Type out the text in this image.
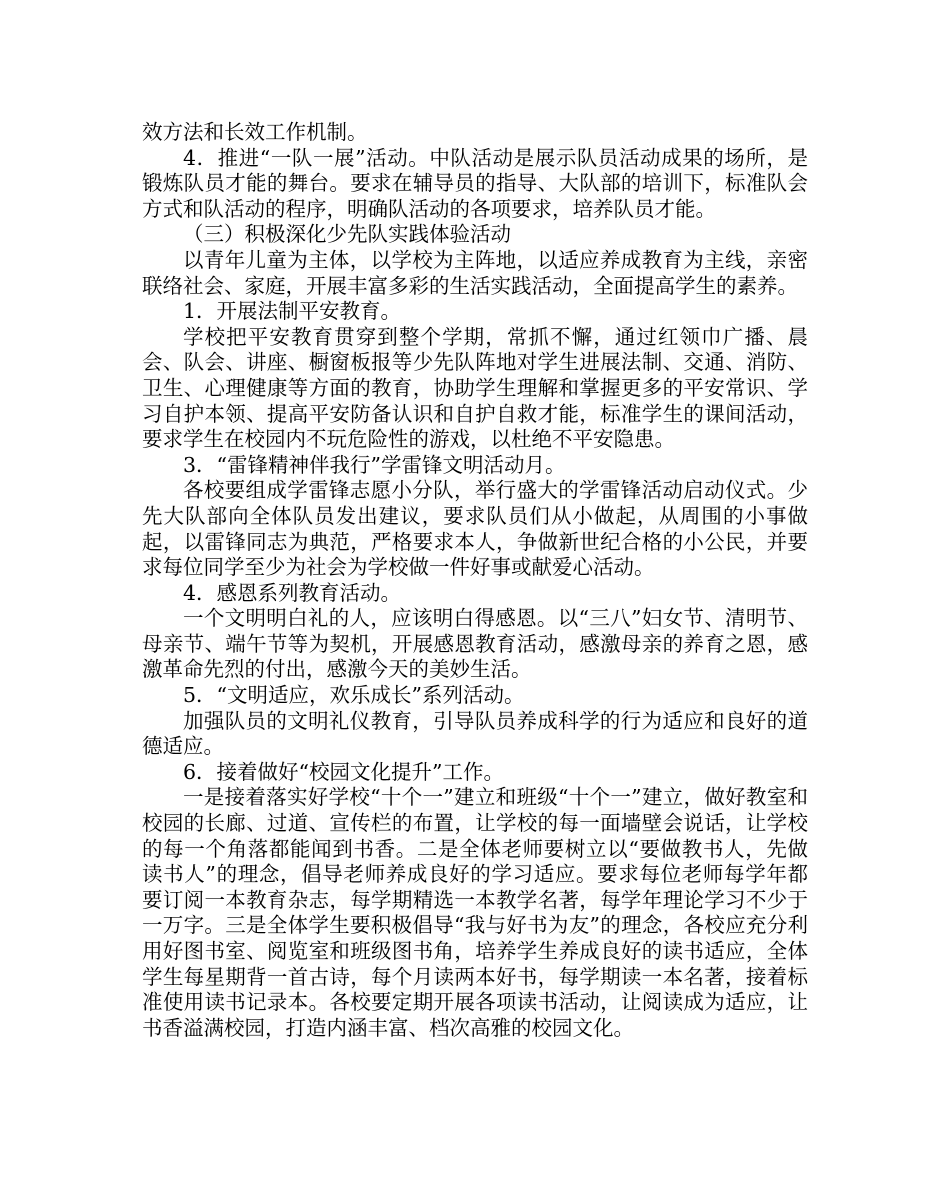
效方法和长效工作机制。

4．推进“一队一展”活动。中队活动是展示队员活动成果的场所，是锻炼队员才能的舞台。要求在辅导员的指导、大队部的培训下，标准队会方式和队活动的程序，明确队活动的各项要求，培养队员才能。

（三）积极深化少先队实践体验活动

以青年儿童为主体，以学校为主阵地，以适应养成教育为主线，亲密联络社会、家庭，开展丰富多彩的生活实践活动，全面提高学生的素养。

1．开展法制平安教育。

学校把平安教育贯穿到整个学期，常抓不懈，通过红领巾广播、晨会、队会、讲座、橱窗板报等少先队阵地对学生进展法制、交通、消防、卫生、心理健康等方面的教育，协助学生理解和掌握更多的平安常识、学习自护本领、提高平安防备认识和自护自救才能，标准学生的课间活动，要求学生在校园内不玩危险性的游戏，以杜绝不平安隐患。

3．“雷锋精神伴我行”学雷锋文明活动月。

各校要组成学雷锋志愿小分队，举行盛大的学雷锋活动启动仪式。少先大队部向全体队员发出建议，要求队员们从小做起，从周围的小事做起，以雷锋同志为典范，严格要求本人，争做新世纪合格的小公民，并要求每位同学至少为社会为学校做一件好事或献爱心活动。

4．感恩系列教育活动。

一个文明明白礼的人，应该明白得感恩。以“三八”妇女节、清明节、母亲节、端午节等为契机，开展感恩教育活动，感激母亲的养育之恩，感激革命先烈的付出，感激今天的美妙生活。

5．“文明适应，欢乐成长”系列活动。

加强队员的文明礼仪教育，引导队员养成科学的行为适应和良好的道德适应。

6．接着做好“校园文化提升”工作。

一是接着落实好学校“十个一”建立和班级“十个一”建立，做好教室和校园的长廊、过道、宣传栏的布置，让学校的每一面墙壁会说话，让学校的每一个角落都能闻到书香。二是全体老师要树立以“要做教书人，先做读书人”的理念，倡导老师养成良好的学习适应。要求每位老师每学年都要订阅一本教育杂志，每学期精选一本教学名著，每学年理论学习不少于一万字。三是全体学生要积极倡导“我与好书为友”的理念，各校应充分利用好图书室、阅览室和班级图书角，培养学生养成良好的读书适应，全体学生每星期背一首古诗，每个月读两本好书，每学期读一本名著，接着标准使用读书记录本。各校要定期开展各项读书活动，让阅读成为适应，让书香溢满校园，打造内涵丰富、档次高雅的校园文化。
